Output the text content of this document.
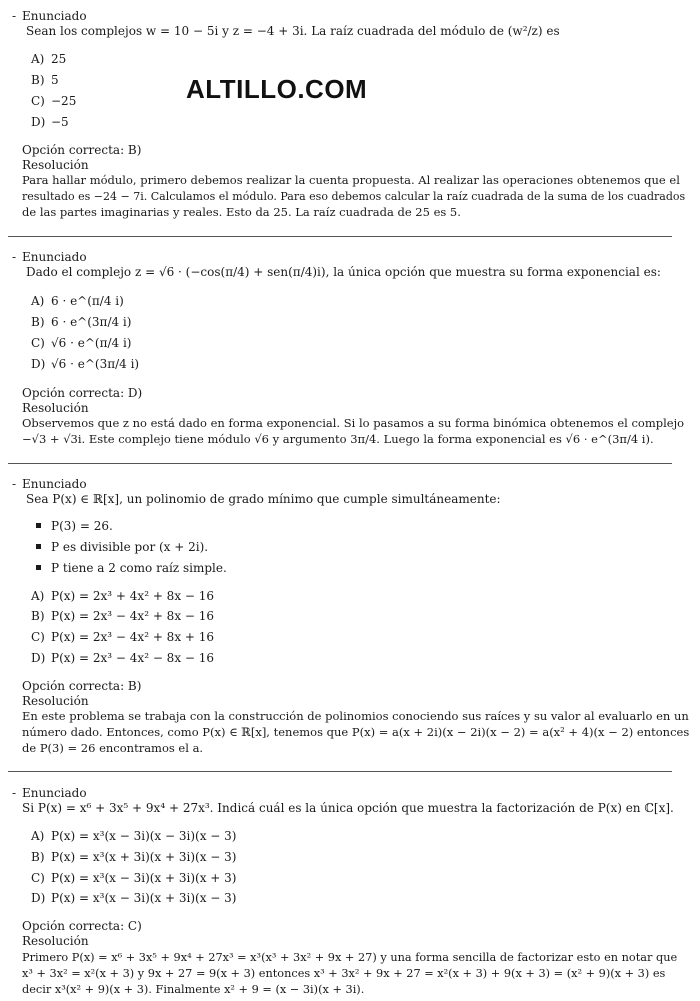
ALTILLO.COM
- Enunciado
Sean los complejos w = 10 − 5i y z = −4 + 3i. La raíz cuadrada del módulo de (w²/z) es
A) 25
B) 5
C) −25
D) −5
Opción correcta: B)
Resolución
Para hallar módulo, primero debemos realizar la cuenta propuesta. Al realizar las operaciones obtenemos que el
resultado es −24 − 7i. Calculamos el módulo. Para eso debemos calcular la raíz cuadrada de la suma de los cuadrados
de las partes imaginarias y reales. Esto da 25. La raíz cuadrada de 25 es 5.
- Enunciado
Dado el complejo z = √6 · (−cos(π/4) + sen(π/4)i), la única opción que muestra su forma exponencial es:
A) 6 · e^(π/4 i)
B) 6 · e^(3π/4 i)
C) √6 · e^(π/4 i)
D) √6 · e^(3π/4 i)
Opción correcta: D)
Resolución
Observemos que z no está dado en forma exponencial. Si lo pasamos a su forma binómica obtenemos el complejo
−√3 + √3i. Este complejo tiene módulo √6 y argumento 3π/4. Luego la forma exponencial es √6 · e^(3π/4 i).
- Enunciado
Sea P(x) ∈ ℝ[x], un polinomio de grado mínimo que cumple simultáneamente:
P(3) = 26.
P es divisible por (x + 2i).
P tiene a 2 como raíz simple.
A) P(x) = 2x³ + 4x² + 8x − 16
B) P(x) = 2x³ − 4x² + 8x − 16
C) P(x) = 2x³ − 4x² + 8x + 16
D) P(x) = 2x³ − 4x² − 8x − 16
Opción correcta: B)
Resolución
En este problema se trabaja con la construcción de polinomios conociendo sus raíces y su valor al evaluarlo en un
número dado. Entonces, como P(x) ∈ ℝ[x], tenemos que P(x) = a(x + 2i)(x − 2i)(x − 2) = a(x² + 4)(x − 2) entonces
de P(3) = 26 encontramos el a.
- Enunciado
Si P(x) = x⁶ + 3x⁵ + 9x⁴ + 27x³. Indicá cuál es la única opción que muestra la factorización de P(x) en ℂ[x].
A) P(x) = x³(x − 3i)(x − 3i)(x − 3)
B) P(x) = x³(x + 3i)(x + 3i)(x − 3)
C) P(x) = x³(x − 3i)(x + 3i)(x + 3)
D) P(x) = x³(x − 3i)(x + 3i)(x − 3)
Opción correcta: C)
Resolución
Primero P(x) = x⁶ + 3x⁵ + 9x⁴ + 27x³ = x³(x³ + 3x² + 9x + 27) y una forma sencilla de factorizar esto en notar que
x³ + 3x² = x²(x + 3) y 9x + 27 = 9(x + 3) entonces x³ + 3x² + 9x + 27 = x²(x + 3) + 9(x + 3) = (x² + 9)(x + 3) es
decir x³(x² + 9)(x + 3). Finalmente x² + 9 = (x − 3i)(x + 3i).
